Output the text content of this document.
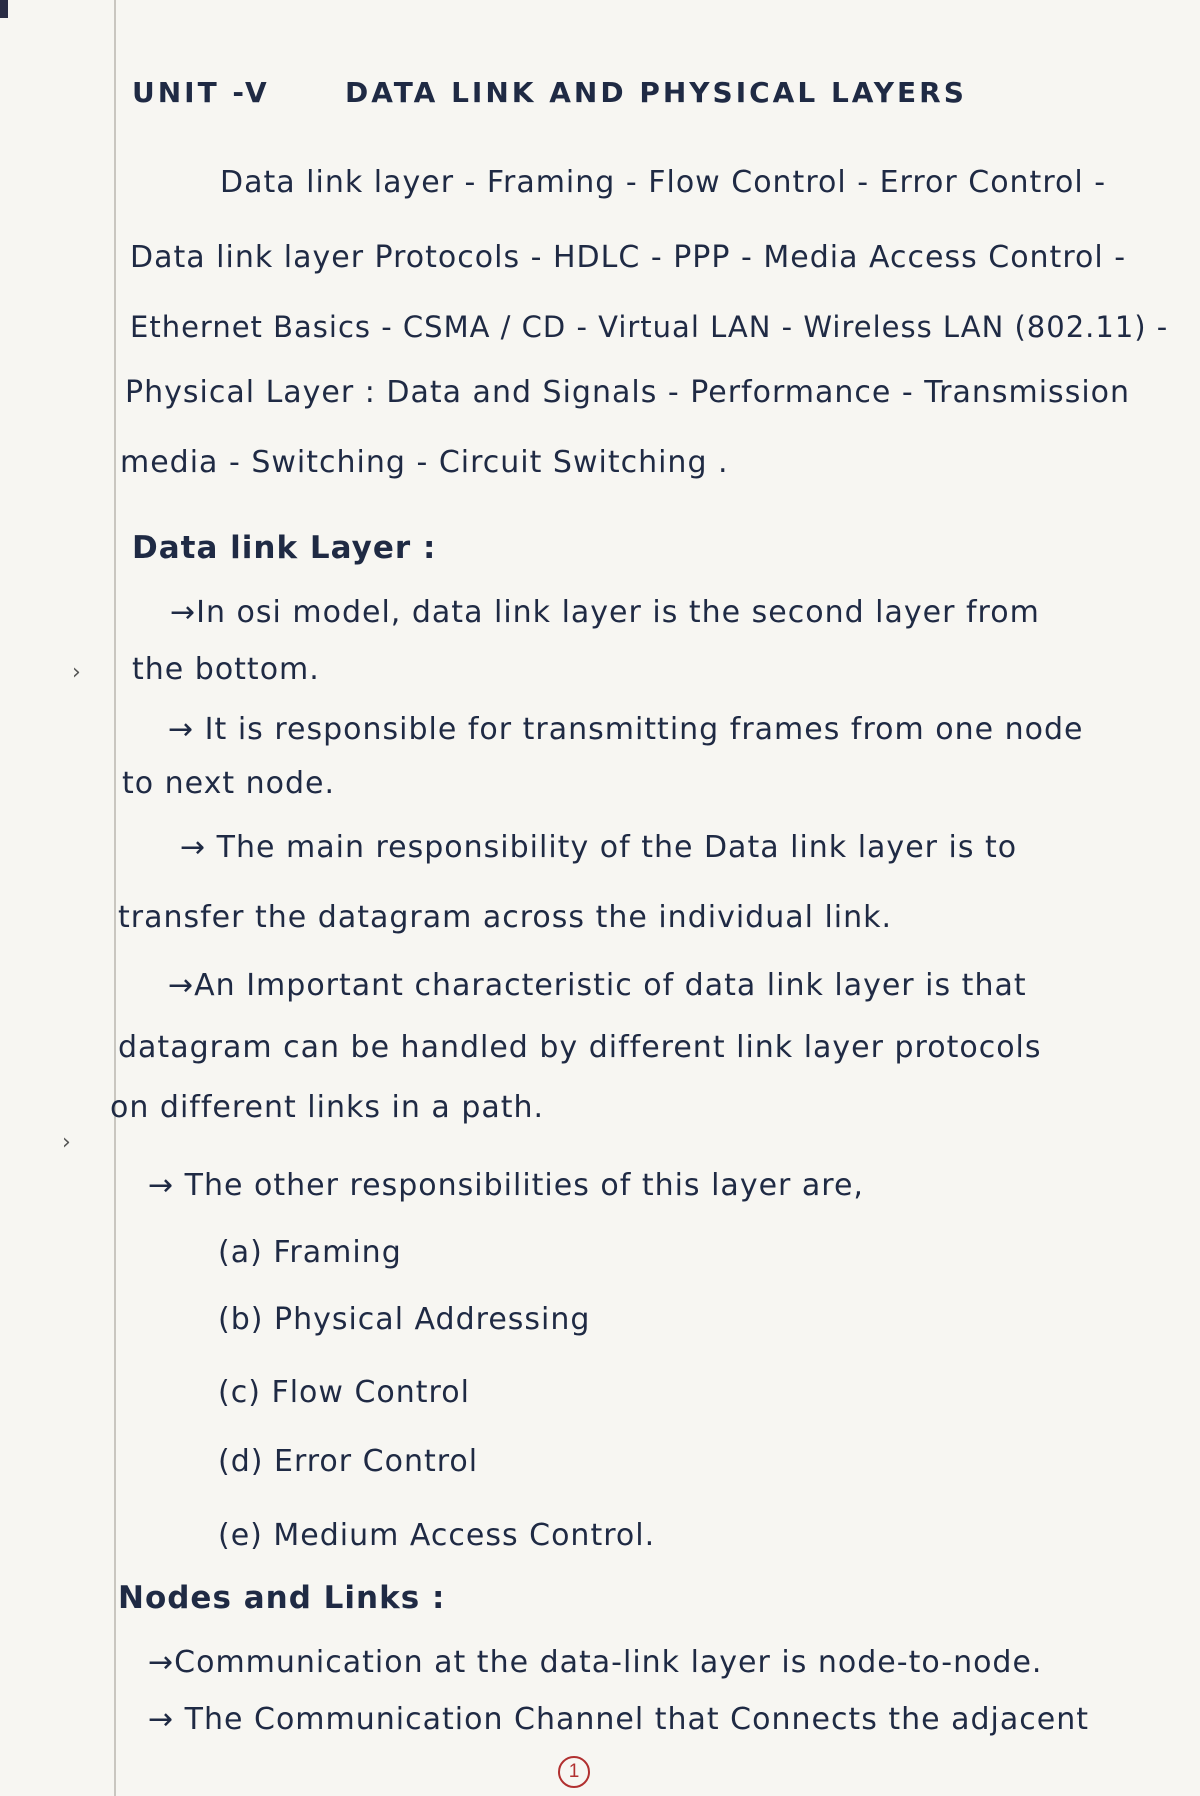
UNIT -V	DATA LINK AND PHYSICAL LAYERS
Data link layer - Framing - Flow Control - Error Control -
Data link layer Protocols - HDLC - PPP - Media Access Control -
Ethernet Basics - CSMA / CD - Virtual LAN - Wireless LAN (802.11) -
Physical Layer : Data and Signals - Performance - Transmission
media - Switching - Circuit Switching .
Data link Layer :
→In osi model, data link layer is the second layer from
› the bottom.
→ It is responsible for transmitting frames from one node
to next node.
→ The main responsibility of the Data link layer is to
transfer the datagram across the individual link.
→An Important characteristic of data link layer is that
datagram can be handled by different link layer protocols
on different links in a path.
›
→ The other responsibilities of this layer are,
(a) Framing
(b) Physical Addressing
(c) Flow Control
(d) Error Control
(e) Medium Access Control.
Nodes and Links :
→Communication at the data-link layer is node-to-node.
→ The Communication Channel that Connects the adjacent
1
